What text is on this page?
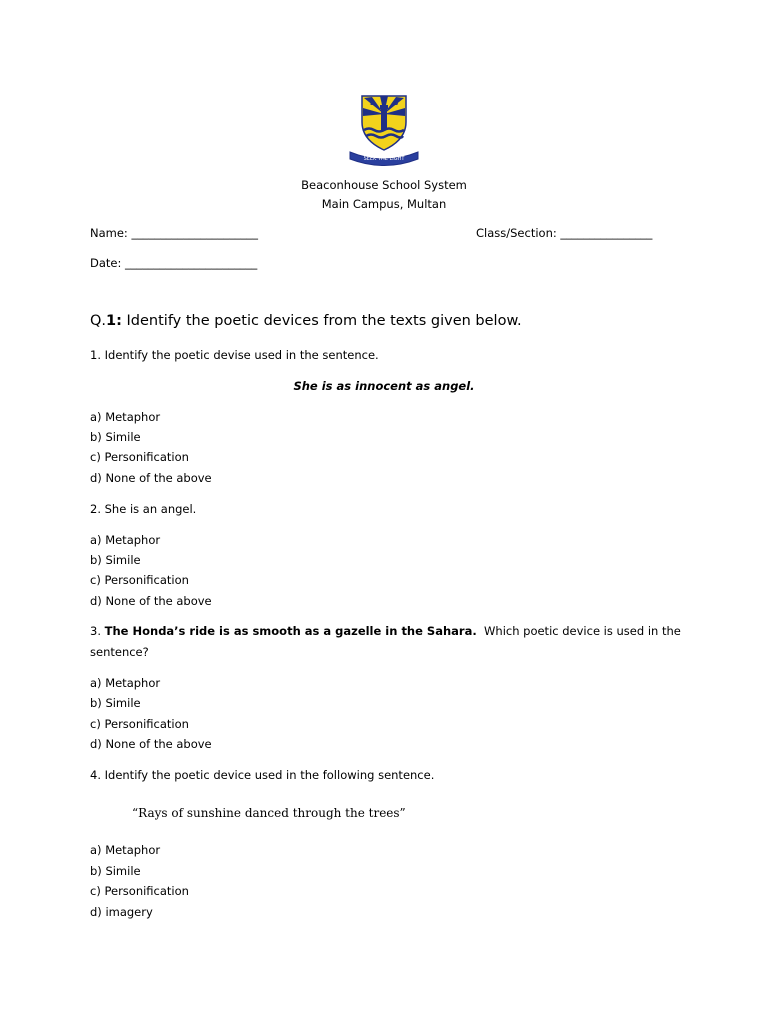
B S S
SEEK THE LIGHT
Beaconhouse School System
Main Campus, Multan
Name: ______________________	Class/Section: ________________
Date: _______________________
Q.1: Identify the poetic devices from the texts given below.
1. Identify the poetic devise used in the sentence.
She is as innocent as angel.
a) Metaphor
b) Simile
c) Personification
d) None of the above
2. She is an angel.
a) Metaphor
b) Simile
c) Personification
d) None of the above
3. The Honda’s ride is as smooth as a gazelle in the Sahara.  Which poetic device is used in the
sentence?
a) Metaphor
b) Simile
c) Personification
d) None of the above
4. Identify the poetic device used in the following sentence.
“Rays of sunshine danced through the trees”
a) Metaphor
b) Simile
c) Personification
d) imagery
